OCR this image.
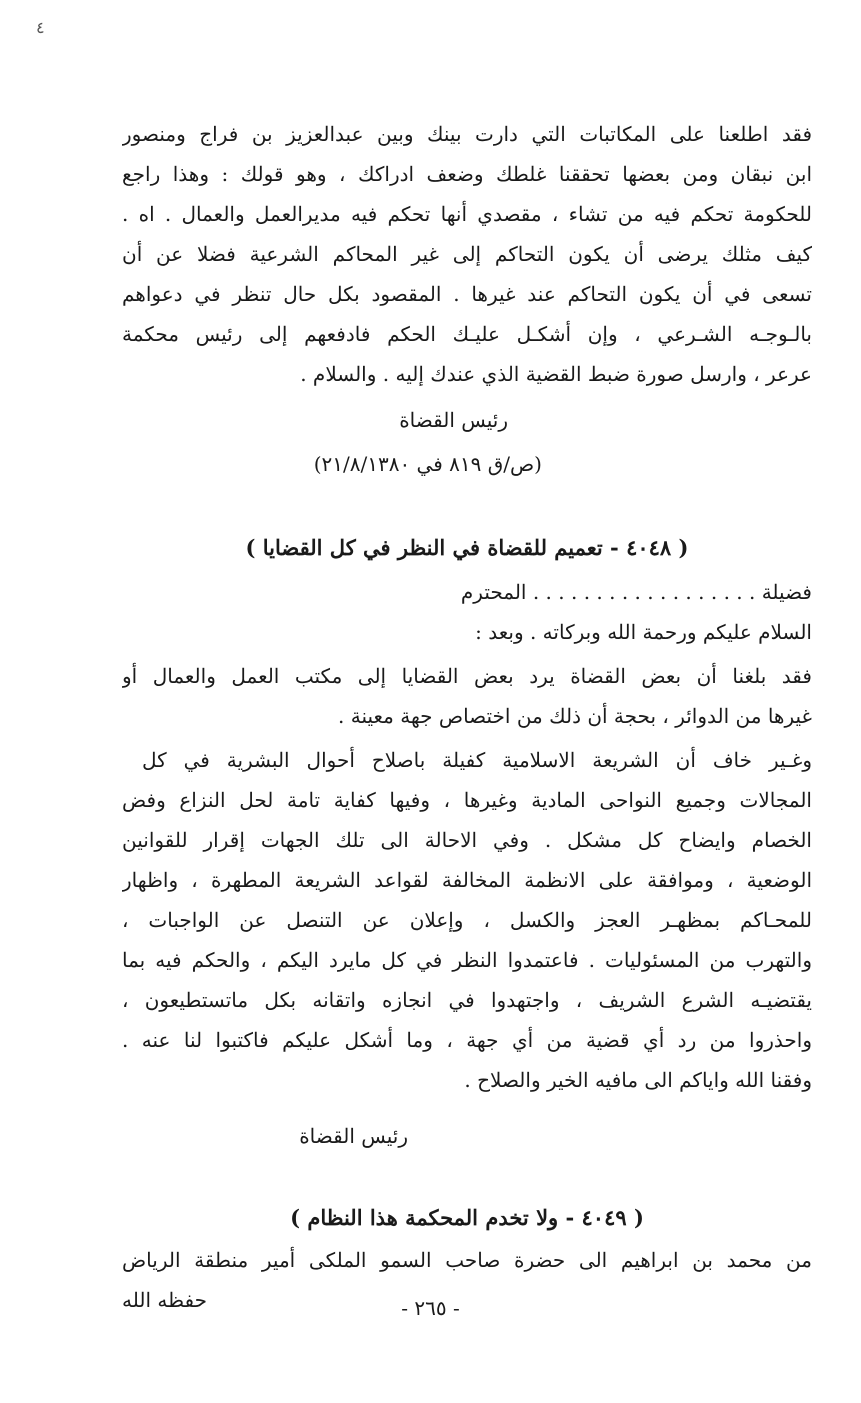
٤
فقد اطلعنا على المكاتبات التي دارت بينك وبين عبدالعزيز بن فراج ومنصور
ابن نبقان ومن بعضها تحققنا غلطك وضعف ادراكك ، وهو قولك : وهذا راجع
للحكومة تحكم فيه من تشاء ، مقصدي أنها تحكم فيه مديرالعمل والعمال . اه .
كيف مثلك يرضى أن يكون التحاكم إلى غير المحاكم الشرعية فضلا عن أن
تسعى في أن يكون التحاكم عند غيرها . المقصود بكل حال تنظر في دعواهم
بالـوجـه الشـرعي ، وإن أشكـل عليـك الحكم فادفعهم إلى رئيس محكمة
عرعر ، وارسل صورة ضبط القضية الذي عندك إليه . والسلام .
رئيس القضاة
(ص/ق ٨١٩ في ٢١/٨/١٣٨٠)
( ٤٠٤٨ - تعميم للقضاة في النظر في كل القضايا )
فضيلة . . . . . . . . . . . . . . . . . . المحترم
السلام عليكم ورحمة الله وبركاته . وبعد :
فقد بلغنا أن بعض القضاة يرد بعض القضايا إلى مكتب العمل والعمال أو
غيرها من الدوائر ، بحجة أن ذلك من اختصاص جهة معينة .
وغـير خاف أن الشريعة الاسلامية كفيلة باصلاح أحوال البشرية في كل
المجالات وجميع النواحى المادية وغيرها ، وفيها كفاية تامة لحل النزاع وفض
الخصام وايضاح كل مشكل . وفي الاحالة الى تلك الجهات إقرار للقوانين
الوضعية ، وموافقة على الانظمة المخالفة لقواعد الشريعة المطهرة ، واظهار
للمحـاكم بمظهـر العجز والكسل ، وإعلان عن التنصل عن الواجبات ،
والتهرب من المسئوليات . فاعتمدوا النظر في كل مايرد اليكم ، والحكم فيه بما
يقتضيـه الشرع الشريف ، واجتهدوا في انجازه واتقانه بكل ماتستطيعون ،
واحذروا من رد أي قضية من أي جهة ، وما أشكل عليكم فاكتبوا لنا عنه .
وفقنا الله واياكم الى مافيه الخير والصلاح .
رئيس القضاة
( ٤٠٤٩ - ولا تخدم المحكمة هذا النظام )
من محمد بن ابراهيم الى حضرة صاحب السمو الملكى أمير منطقة الرياض
حفظه الله	- ٢٦٥ -
